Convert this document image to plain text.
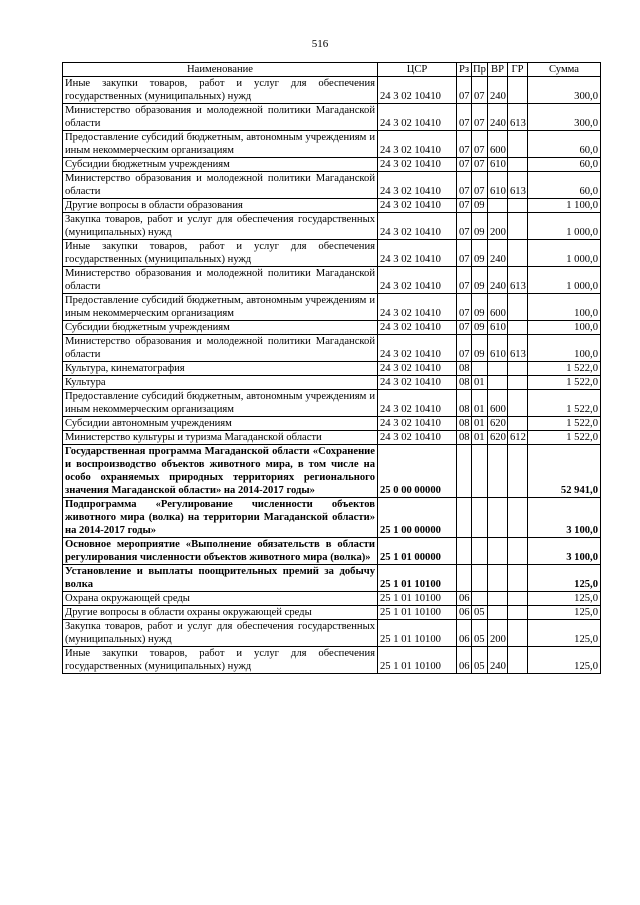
516
Наименование	ЦСР	Рз	Пр	ВР	ГР	Сумма
Иные закупки товаров, работ и услуг для обеспечения государственных (муниципальных) нужд	24 3 02 10410	07	07	240		300,0
Министерство образования и молодежной политики Магаданской области	24 3 02 10410	07	07	240	613	300,0
Предоставление субсидий бюджетным, автономным учреждениям и иным некоммерческим организациям	24 3 02 10410	07	07	600		60,0
Субсидии бюджетным учреждениям	24 3 02 10410	07	07	610		60,0
Министерство образования и молодежной политики Магаданской области	24 3 02 10410	07	07	610	613	60,0
Другие вопросы в области образования	24 3 02 10410	07	09			1 100,0
Закупка товаров, работ и услуг для обеспечения государственных (муниципальных) нужд	24 3 02 10410	07	09	200		1 000,0
Иные закупки товаров, работ и услуг для обеспечения государственных (муниципальных) нужд	24 3 02 10410	07	09	240		1 000,0
Министерство образования и молодежной политики Магаданской области	24 3 02 10410	07	09	240	613	1 000,0
Предоставление субсидий бюджетным, автономным учреждениям и иным некоммерческим организациям	24 3 02 10410	07	09	600		100,0
Субсидии бюджетным учреждениям	24 3 02 10410	07	09	610		100,0
Министерство образования и молодежной политики Магаданской области	24 3 02 10410	07	09	610	613	100,0
Культура, кинематография	24 3 02 10410	08				1 522,0
Культура	24 3 02 10410	08	01			1 522,0
Предоставление субсидий бюджетным, автономным учреждениям и иным некоммерческим организациям	24 3 02 10410	08	01	600		1 522,0
Субсидии автономным учреждениям	24 3 02 10410	08	01	620		1 522,0
Министерство культуры и туризма Магаданской области	24 3 02 10410	08	01	620	612	1 522,0
Государственная программа Магаданской области «Сохранение и воспроизводство объектов животного мира, в том числе на особо охраняемых природных территориях регионального значения Магаданской области» на 2014-2017 годы»	25 0 00 00000					52 941,0
Подпрограмма «Регулирование численности объектов животного мира (волка) на территории Магаданской области» на 2014-2017 годы»	25 1 00 00000					3 100,0
Основное мероприятие «Выполнение обязательств в области регулирования численности объектов животного мира (волка)»	25 1 01 00000					3 100,0
Установление и выплаты поощрительных премий за добычу волка	25 1 01 10100					125,0
Охрана окружающей среды	25 1 01 10100	06				125,0
Другие вопросы в области охраны окружающей среды	25 1 01 10100	06	05			125,0
Закупка товаров, работ и услуг для обеспечения государственных (муниципальных) нужд	25 1 01 10100	06	05	200		125,0
Иные закупки товаров, работ и услуг для обеспечения государственных (муниципальных) нужд	25 1 01 10100	06	05	240		125,0
